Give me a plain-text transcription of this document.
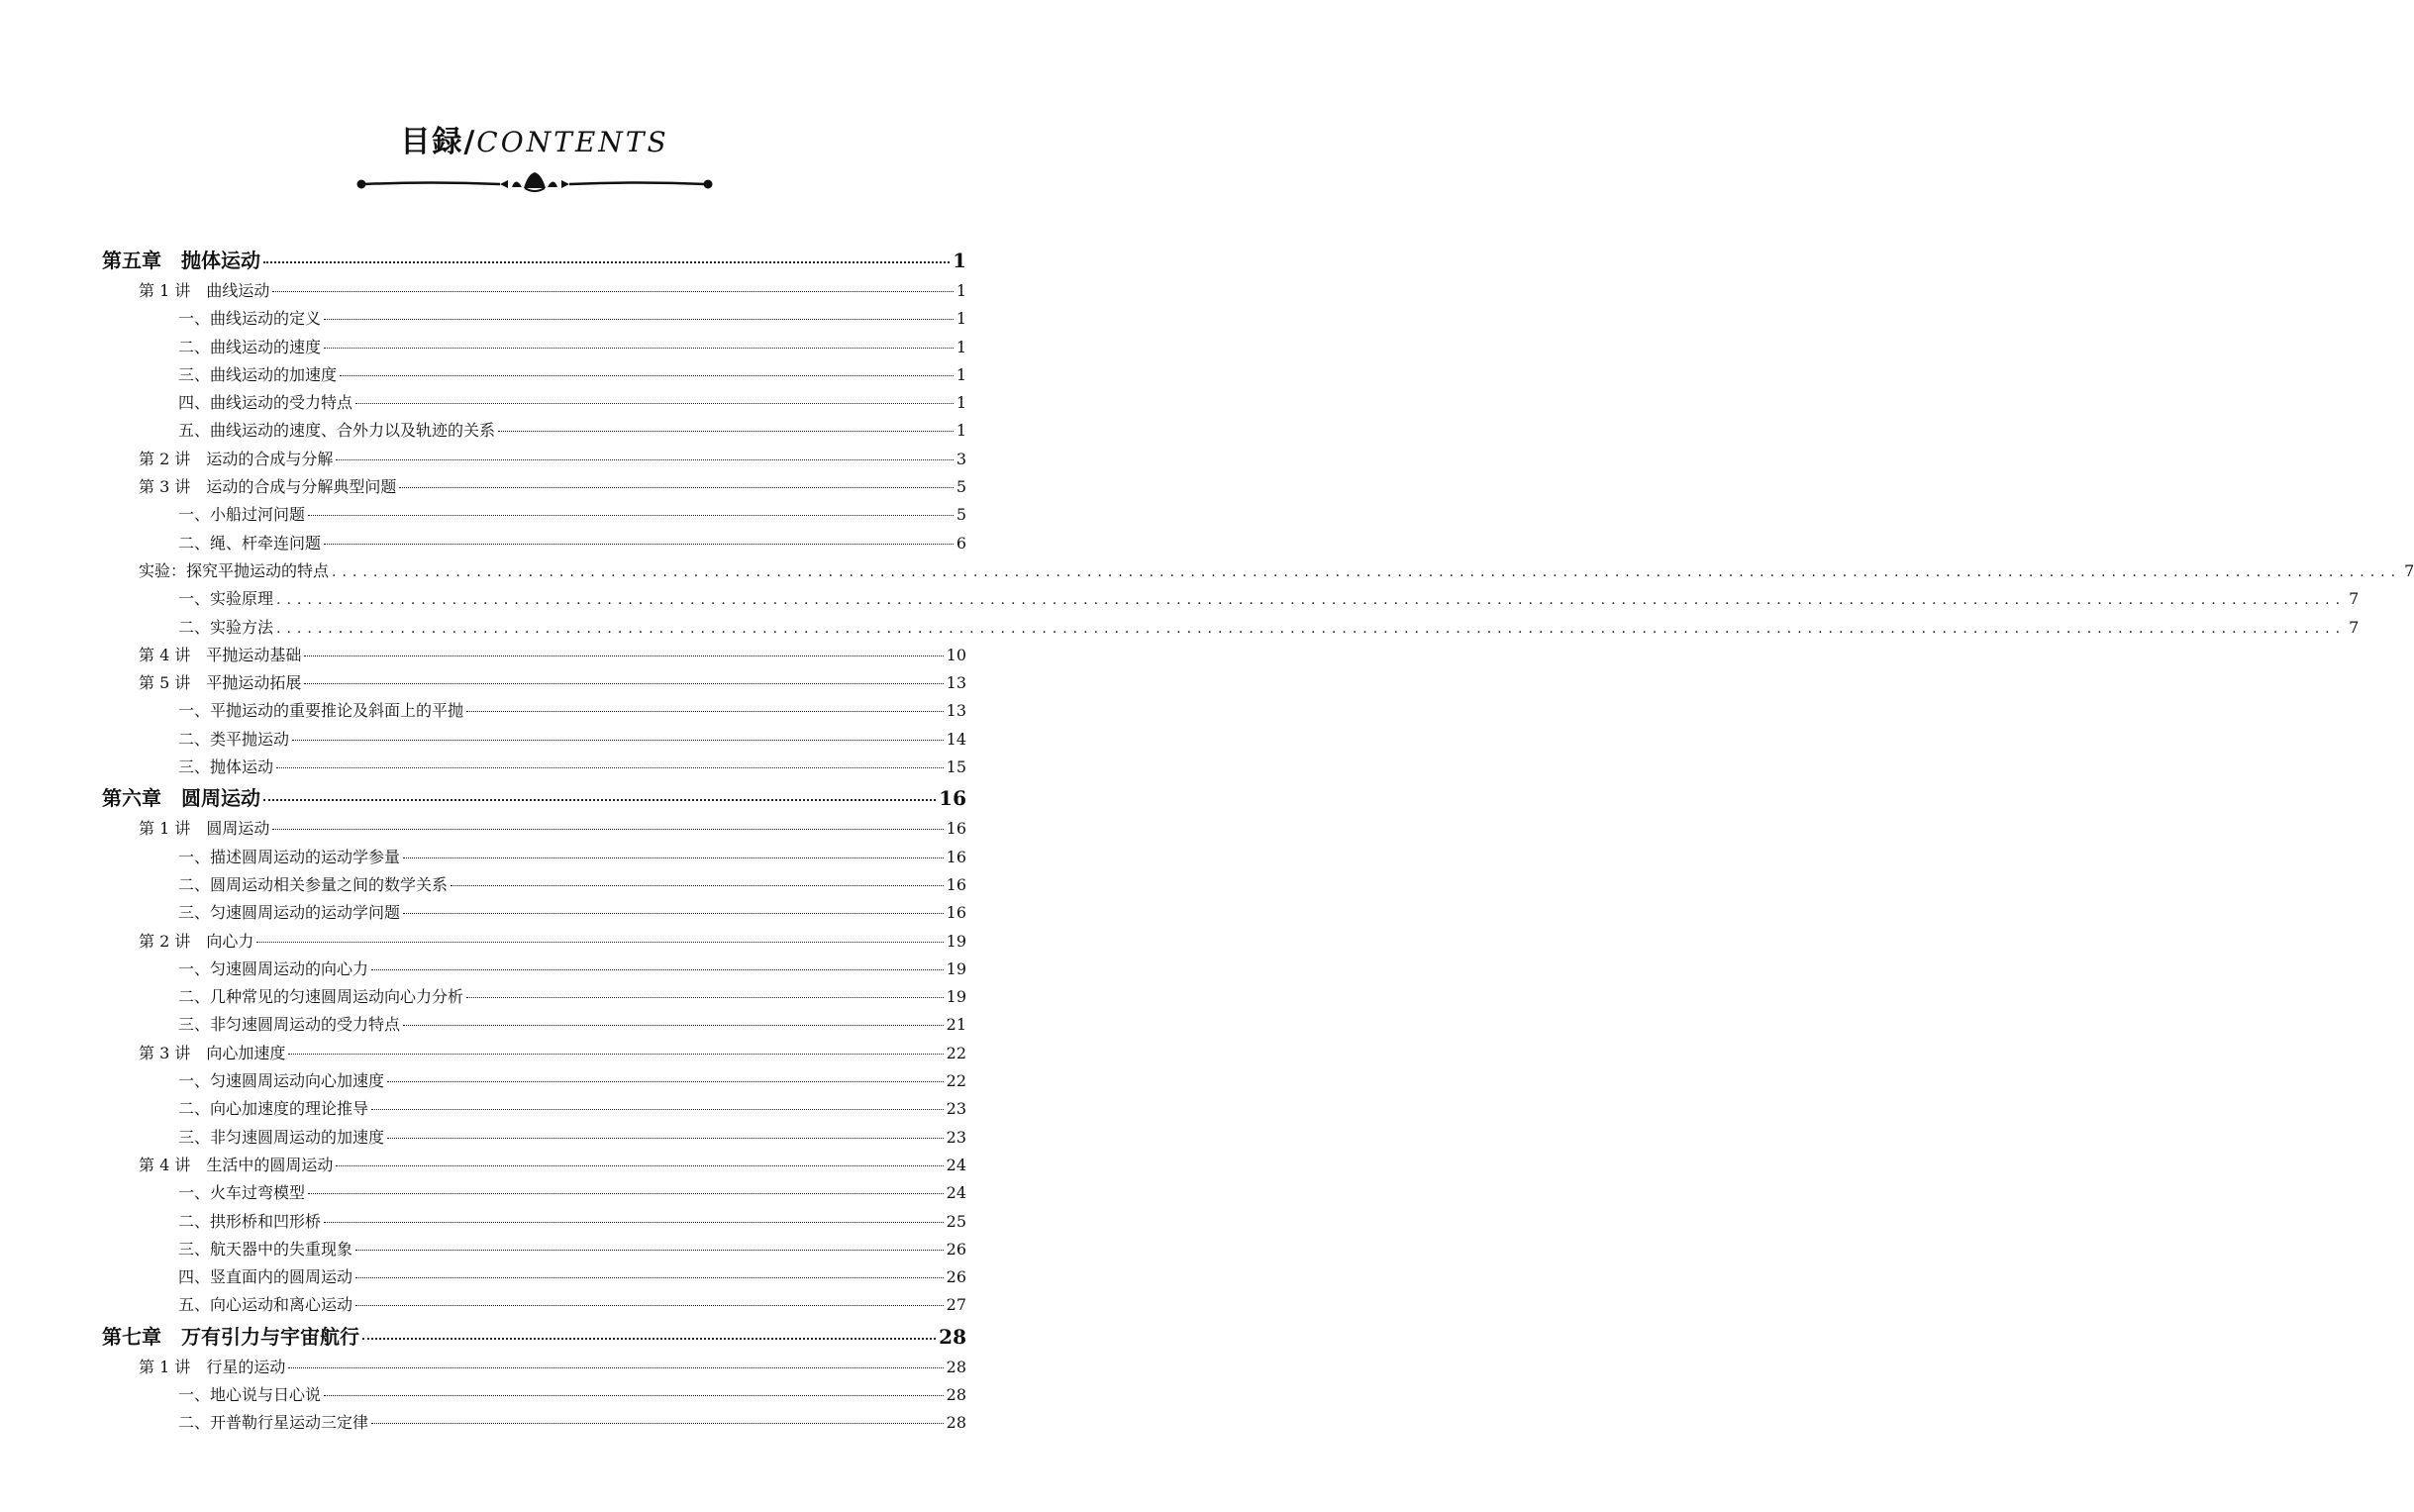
目録/CONTENTS
第五章　抛体运动	1
第 1 讲　曲线运动	1
一、曲线运动的定义	1
二、曲线运动的速度	1
三、曲线运动的加速度	1
四、曲线运动的受力特点	1
五、曲线运动的速度、合外力以及轨迹的关系	1
第 2 讲　运动的合成与分解	3
第 3 讲　运动的合成与分解典型问题	5
一、小船过河问题	5
二、绳、杆牵连问题	6
实验：探究平抛运动的特点 ........................................................................................................................................................................................................ 7
一、实验原理 ........................................................................................................................................................................................................ 7
二、实验方法 ........................................................................................................................................................................................................ 7
第 4 讲　平抛运动基础	10
第 5 讲　平抛运动拓展	13
一、平抛运动的重要推论及斜面上的平抛	13
二、类平抛运动	14
三、抛体运动	15
第六章　圆周运动	16
第 1 讲　圆周运动	16
一、描述圆周运动的运动学参量	16
二、圆周运动相关参量之间的数学关系	16
三、匀速圆周运动的运动学问题	16
第 2 讲　向心力	19
一、匀速圆周运动的向心力	19
二、几种常见的匀速圆周运动向心力分析	19
三、非匀速圆周运动的受力特点	21
第 3 讲　向心加速度	22
一、匀速圆周运动向心加速度	22
二、向心加速度的理论推导	23
三、非匀速圆周运动的加速度	23
第 4 讲　生活中的圆周运动	24
一、火车过弯模型	24
二、拱形桥和凹形桥	25
三、航天器中的失重现象	26
四、竖直面内的圆周运动	26
五、向心运动和离心运动	27
第七章　万有引力与宇宙航行	28
第 1 讲　行星的运动	28
一、地心说与日心说	28
二、开普勒行星运动三定律	28
